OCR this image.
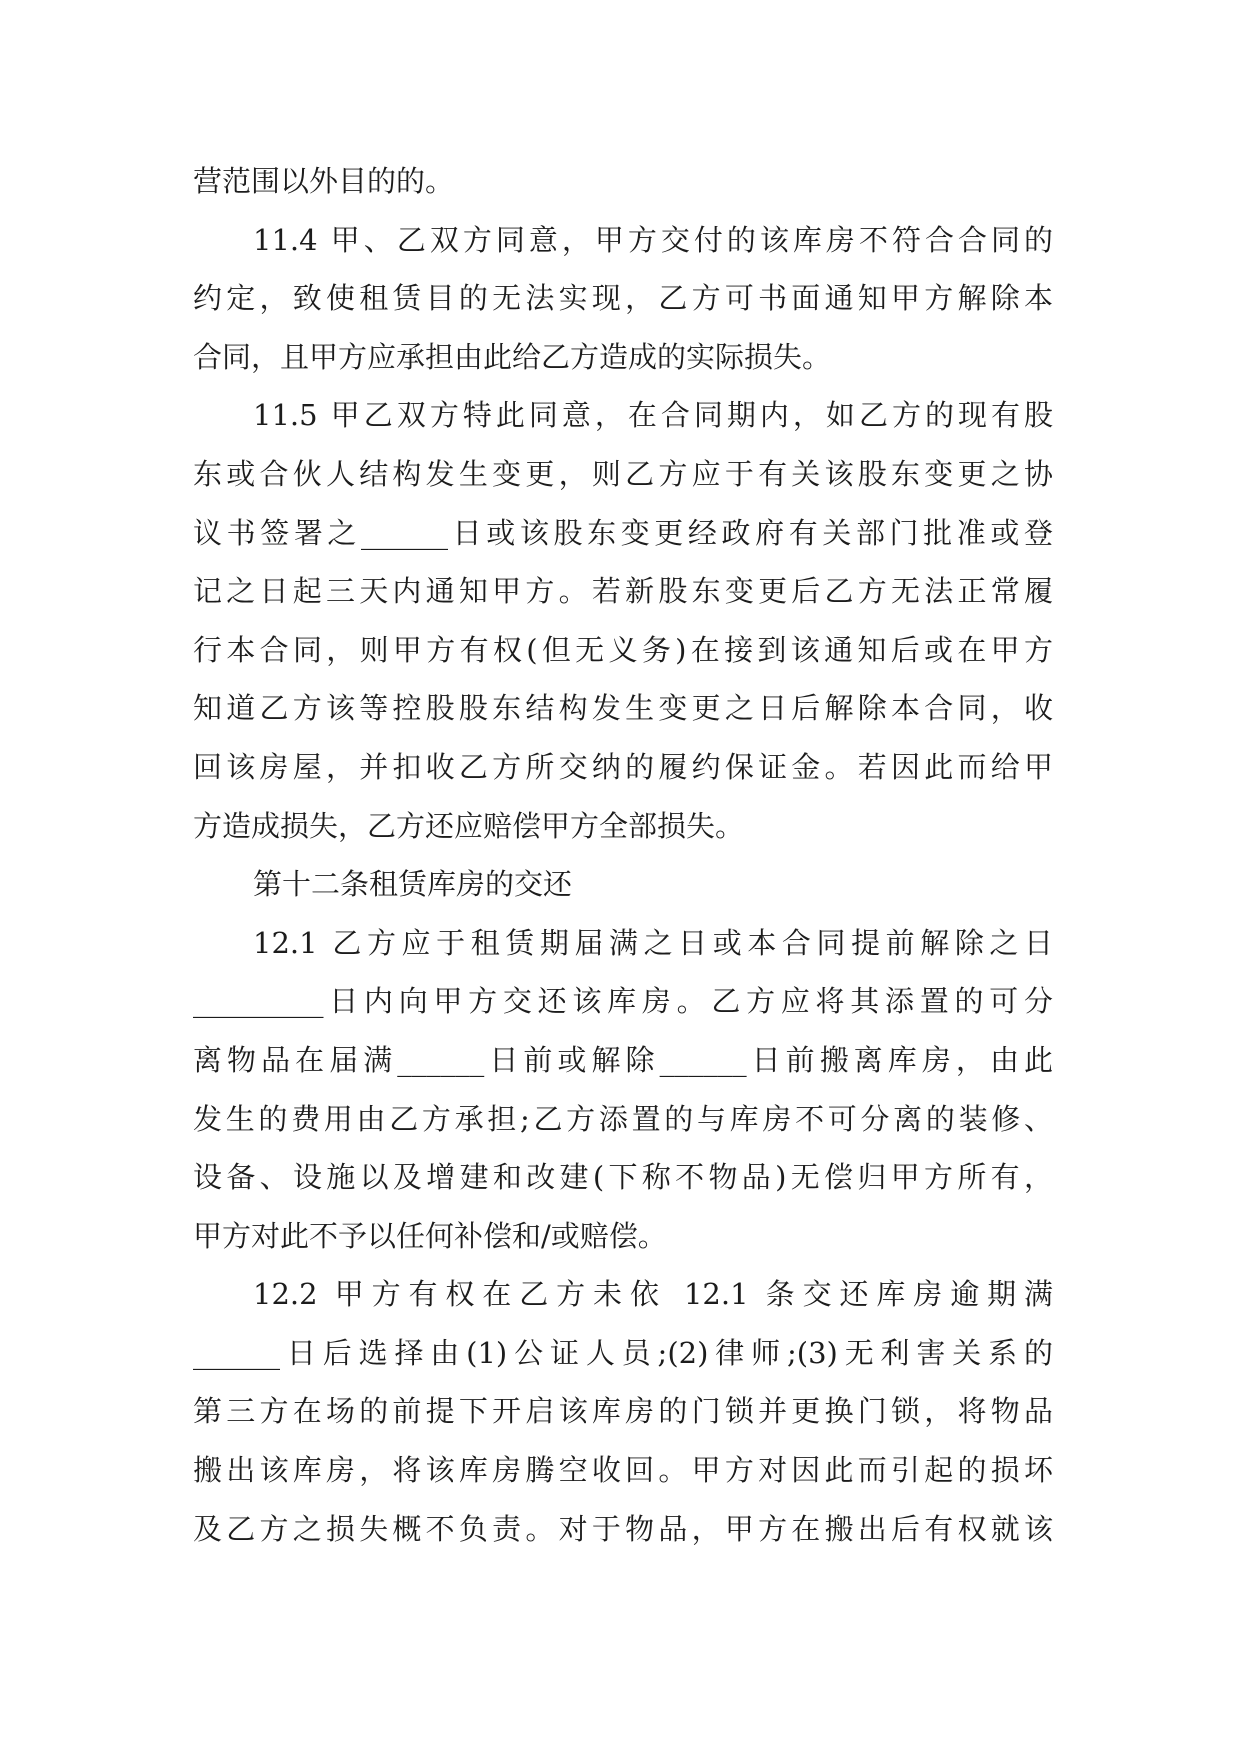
营范围以外目的的。
11.4 甲、乙双方同意，甲方交付的该库房不符合合同的
约定，致使租赁目的无法实现，乙方可书面通知甲方解除本
合同，且甲方应承担由此给乙方造成的实际损失。
11.5 甲乙双方特此同意，在合同期内，如乙方的现有股
东或合伙人结构发生变更，则乙方应于有关该股东变更之协
议书签署之______日或该股东变更经政府有关部门批准或登
记之日起三天内通知甲方。若新股东变更后乙方无法正常履
行本合同，则甲方有权(但无义务)在接到该通知后或在甲方
知道乙方该等控股股东结构发生变更之日后解除本合同，收
回该房屋，并扣收乙方所交纳的履约保证金。若因此而给甲
方造成损失，乙方还应赔偿甲方全部损失。
第十二条租赁库房的交还
12.1 乙方应于租赁期届满之日或本合同提前解除之日
_________日内向甲方交还该库房。乙方应将其添置的可分
离物品在届满______日前或解除______日前搬离库房，由此
发生的费用由乙方承担;乙方添置的与库房不可分离的装修、
设备、设施以及增建和改建(下称不物品)无偿归甲方所有，
甲方对此不予以任何补偿和/或赔偿。
12.2 甲方有权在乙方未依 12.1 条交还库房逾期满
______日后选择由(1)公证人员;(2)律师;(3)无利害关系的
第三方在场的前提下开启该库房的门锁并更换门锁，将物品
搬出该库房，将该库房腾空收回。甲方对因此而引起的损坏
及乙方之损失概不负责。对于物品，甲方在搬出后有权就该
